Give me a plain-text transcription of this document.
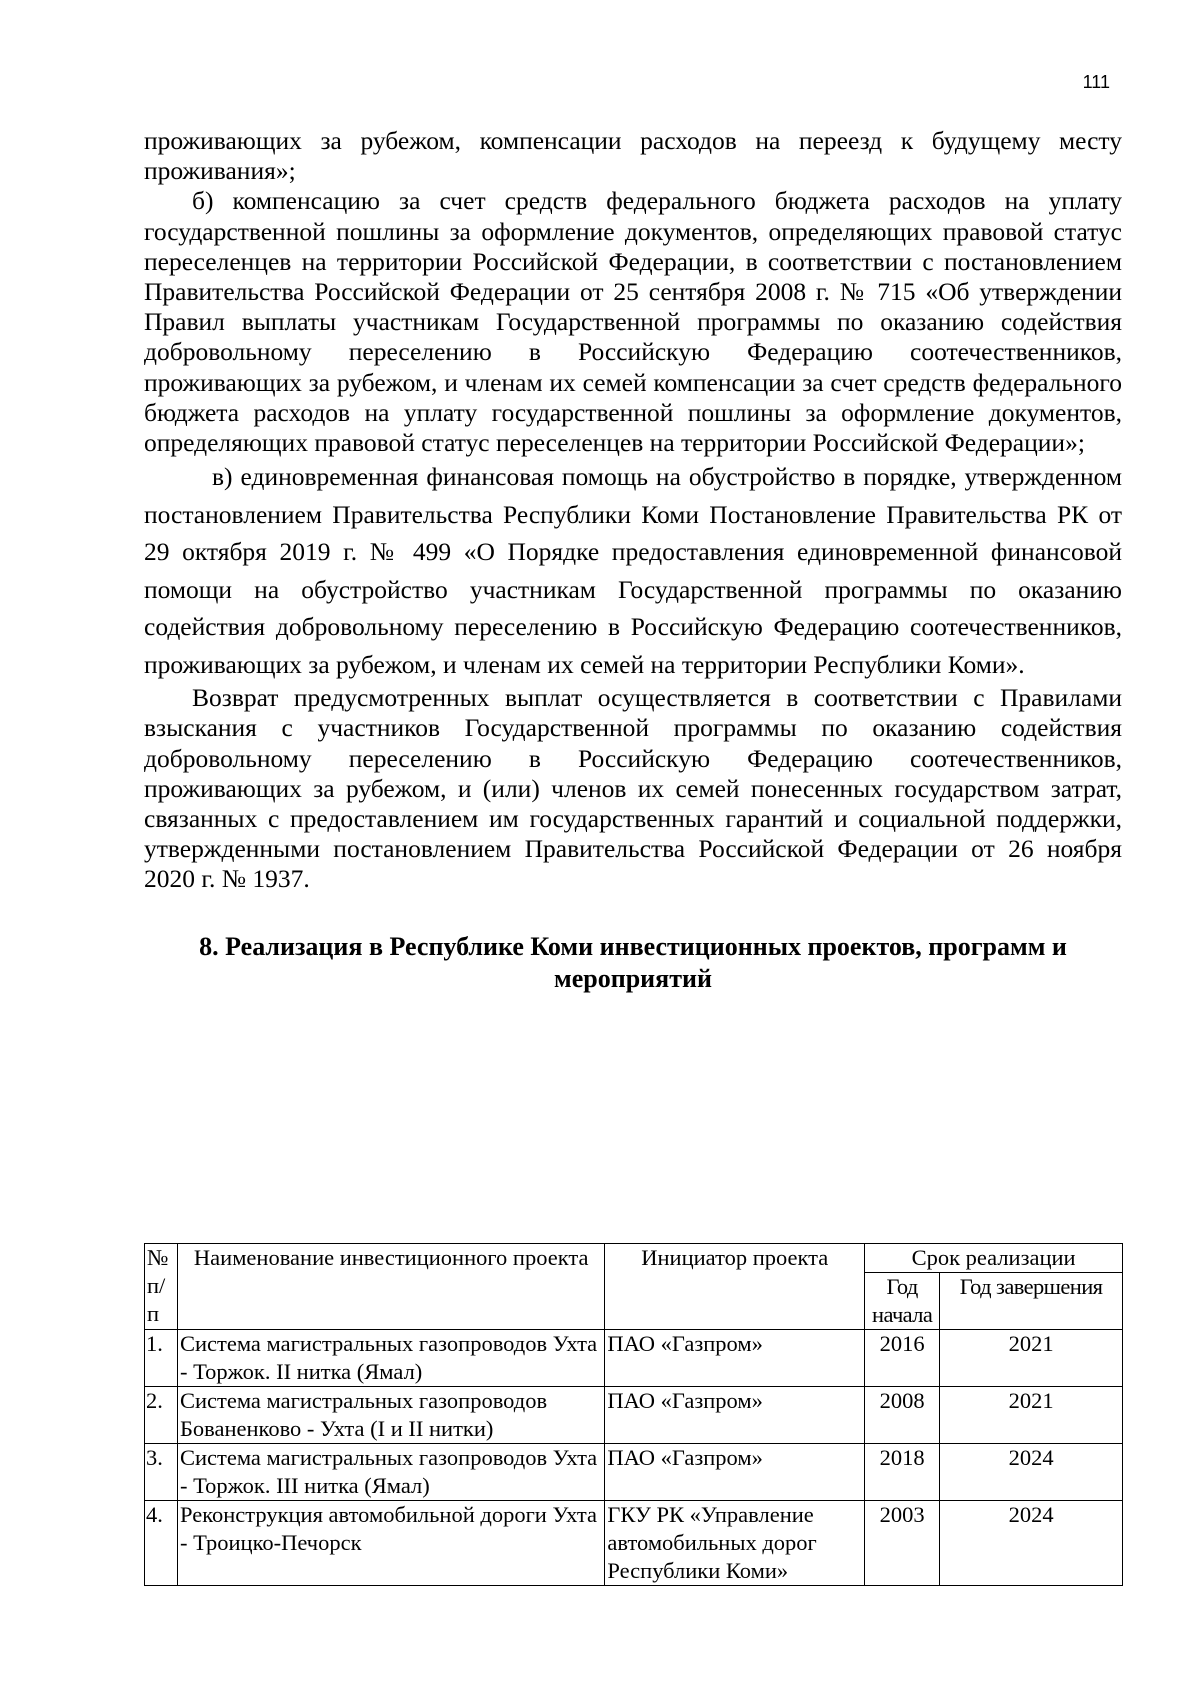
111

проживающих за рубежом, компенсации расходов на переезд к будущему месту проживания»;

б) компенсацию за счет средств федерального бюджета расходов на уплату государственной пошлины за оформление документов, определяющих правовой статус переселенцев на территории Российской Федерации, в соответствии с постановлением Правительства Российской Федерации от 25 сентября 2008 г. № 715 «Об утверждении Правил выплаты участникам Государственной программы по оказанию содействия добровольному переселению в Российскую Федерацию соотечественников, проживающих за рубежом, и членам их семей компенсации за счет средств федерального бюджета расходов на уплату государственной пошлины за оформление документов, определяющих правовой статус переселенцев на территории Российской Федерации»;

в) единовременная финансовая помощь на обустройство в порядке, утвержденном постановлением Правительства Республики Коми Постановление Правительства РК от 29 октября 2019 г. № 499 «О Порядке предоставления единовременной финансовой помощи на обустройство участникам Государственной программы по оказанию содействия добровольному переселению в Российскую Федерацию соотечественников, проживающих за рубежом, и членам их семей на территории Республики Коми».

Возврат предусмотренных выплат осуществляется в соответствии с Правилами взыскания с участников Государственной программы по оказанию содействия добровольному переселению в Российскую Федерацию соотечественников, проживающих за рубежом, и (или) членов их семей понесенных государством затрат, связанных с предоставлением им государственных гарантий и социальной поддержки, утвержденными постановлением Правительства Российской Федерации от 26 ноября 2020 г. № 1937.

8. Реализация в Республике Коми инвестиционных проектов, программ и мероприятий
№ п/п	Наименование инвестиционного проекта	Инициатор проекта	Срок реализации	
			Год начала	Год завершения
1.	Система магистральных газопроводов Ухта - Торжок. II нитка (Ямал)	ПАО «Газпром»	2016	2021
2.	Система магистральных газопроводов Бованенково - Ухта (I и II нитки)	ПАО «Газпром»	2008	2021
3.	Система магистральных газопроводов Ухта - Торжок. III нитка (Ямал)	ПАО «Газпром»	2018	2024
4.	Реконструкция автомобильной дороги Ухта - Троицко-Печорск	ГКУ РК «Управление автомобильных дорог Республики Коми»	2003	2024
